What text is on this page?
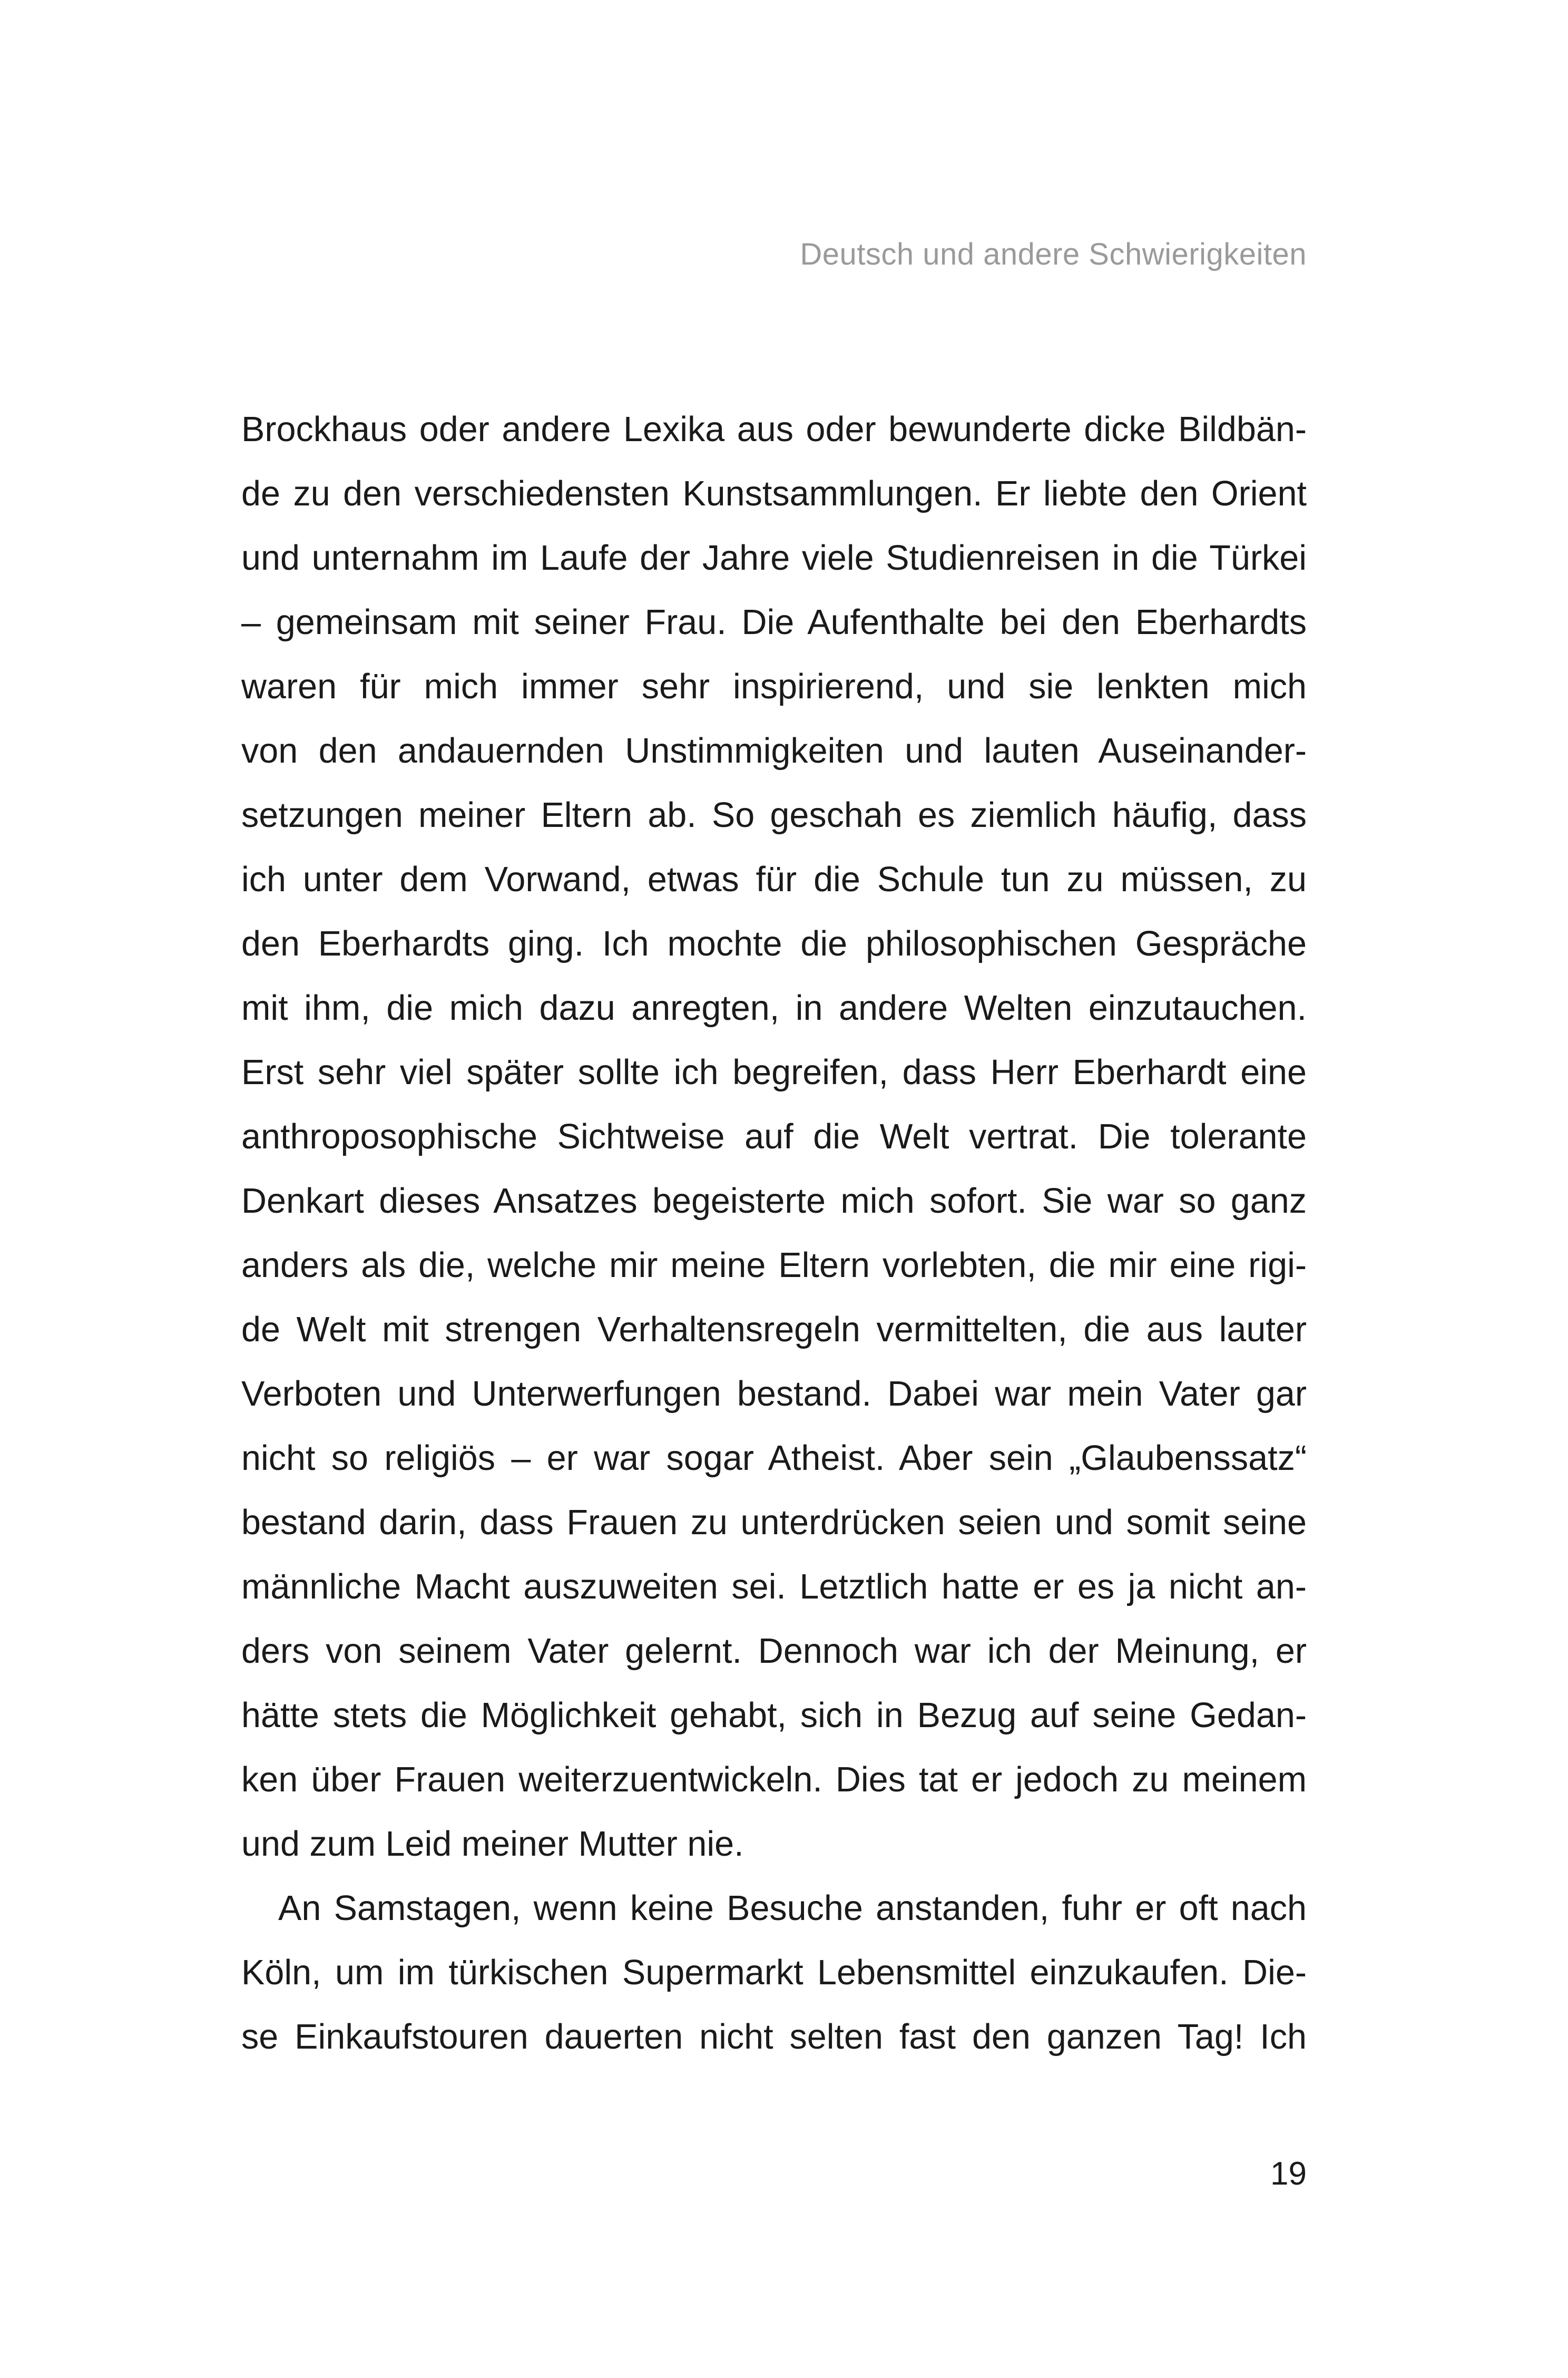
Deutsch und andere Schwierigkeiten
Brockhaus oder andere Lexika aus oder bewunderte dicke Bildbän-
de zu den verschiedensten Kunstsammlungen. Er liebte den Orient
und unternahm im Laufe der Jahre viele Studienreisen in die Türkei
– gemeinsam mit seiner Frau. Die Aufenthalte bei den Eberhardts
waren für mich immer sehr inspirierend, und sie lenkten mich
von den andauernden Unstimmigkeiten und lauten Auseinander-
setzungen meiner Eltern ab. So geschah es ziemlich häufig, dass
ich unter dem Vorwand, etwas für die Schule tun zu müssen, zu
den Eberhardts ging. Ich mochte die philosophischen Gespräche
mit ihm, die mich dazu anregten, in andere Welten einzutauchen.
Erst sehr viel später sollte ich begreifen, dass Herr Eberhardt eine
anthroposophische Sichtweise auf die Welt vertrat. Die tolerante
Denkart dieses Ansatzes begeisterte mich sofort. Sie war so ganz
anders als die, welche mir meine Eltern vorlebten, die mir eine rigi-
de Welt mit strengen Verhaltensregeln vermittelten, die aus lauter
Verboten und Unterwerfungen bestand. Dabei war mein Vater gar
nicht so religiös – er war sogar Atheist. Aber sein „Glaubenssatz“
bestand darin, dass Frauen zu unterdrücken seien und somit seine
männliche Macht auszuweiten sei. Letztlich hatte er es ja nicht an-
ders von seinem Vater gelernt. Dennoch war ich der Meinung, er
hätte stets die Möglichkeit gehabt, sich in Bezug auf seine Gedan-
ken über Frauen weiterzuentwickeln. Dies tat er jedoch zu meinem
und zum Leid meiner Mutter nie.
An Samstagen, wenn keine Besuche anstanden, fuhr er oft nach
Köln, um im türkischen Supermarkt Lebensmittel einzukaufen. Die-
se Einkaufstouren dauerten nicht selten fast den ganzen Tag! Ich
19
